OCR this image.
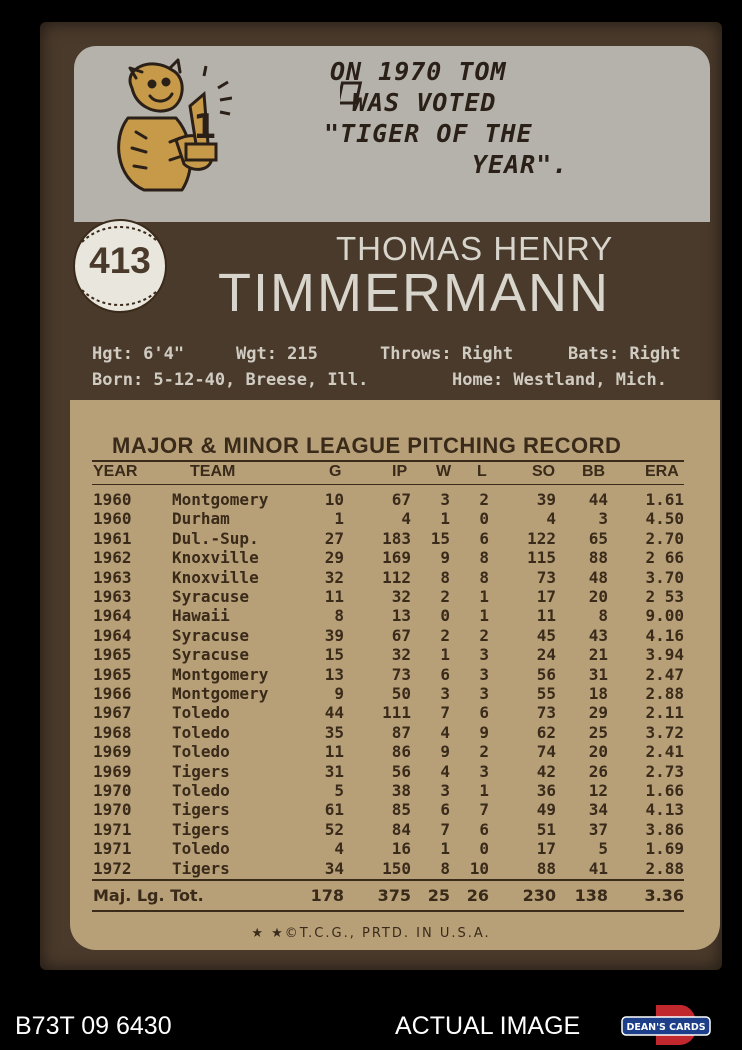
1
ON 1970 TOM
WAS VOTED
"TIGER OF THE
YEAR".
413	THOMAS HENRY
TIMMERMANN
Hgt: 6'4"	Wgt: 215	Throws: Right	Bats: Right
Born: 5-12-40, Breese, Ill.	Home: Westland, Mich.
MAJOR & MINOR LEAGUE PITCHING RECORD
YEAR	TEAM	G	IP W L	SO BB ERA
1960	Montgomery	10	67 3 2	39 44 1.61
1960	Durham	1	4 1 0	4	3 4.50
1961	Dul.-Sup.	27 183 15 6 122 65 2.70
1962	Knoxville	29 169 9 8 115 88 2 66
1963	Knoxville	32 112 8 8	73 48 3.70
1963	Syracuse	11	32 2 1	17 20 2 53
1964	Hawaii	8	13 0 1	11	8 9.00
1964	Syracuse	39	67 2 2	45 43 4.16
1965	Syracuse	15	32 1 3	24 21 3.94
1965	Montgomery	13	73 6 3	56 31 2.47
1966	Montgomery	9	50 3 3	55 18 2.88
1967	Toledo	44 111 7 6	73 29 2.11
1968	Toledo	35	87 4 9	62 25 3.72
1969	Toledo	11	86 9 2	74 20 2.41
1969	Tigers	31	56 4 3	42 26 2.73
1970	Toledo	5	38 3 1	36 12 1.66
1970	Tigers	61	85 6 7	49 34 4.13
1971	Tigers	52	84 7 6	51 37 3.86
1971	Toledo	4	16 1 0	17	5 1.69
1972	Tigers	34 150 8 10	88 41 2.88
Maj. Lg. Tot.	178 375 25 26 230 138 3.36
★ ★©T.C.G., PRTD. IN U.S.A.
B73T 09 6430	ACTUAL IMAGE	DEAN'S CARDS
